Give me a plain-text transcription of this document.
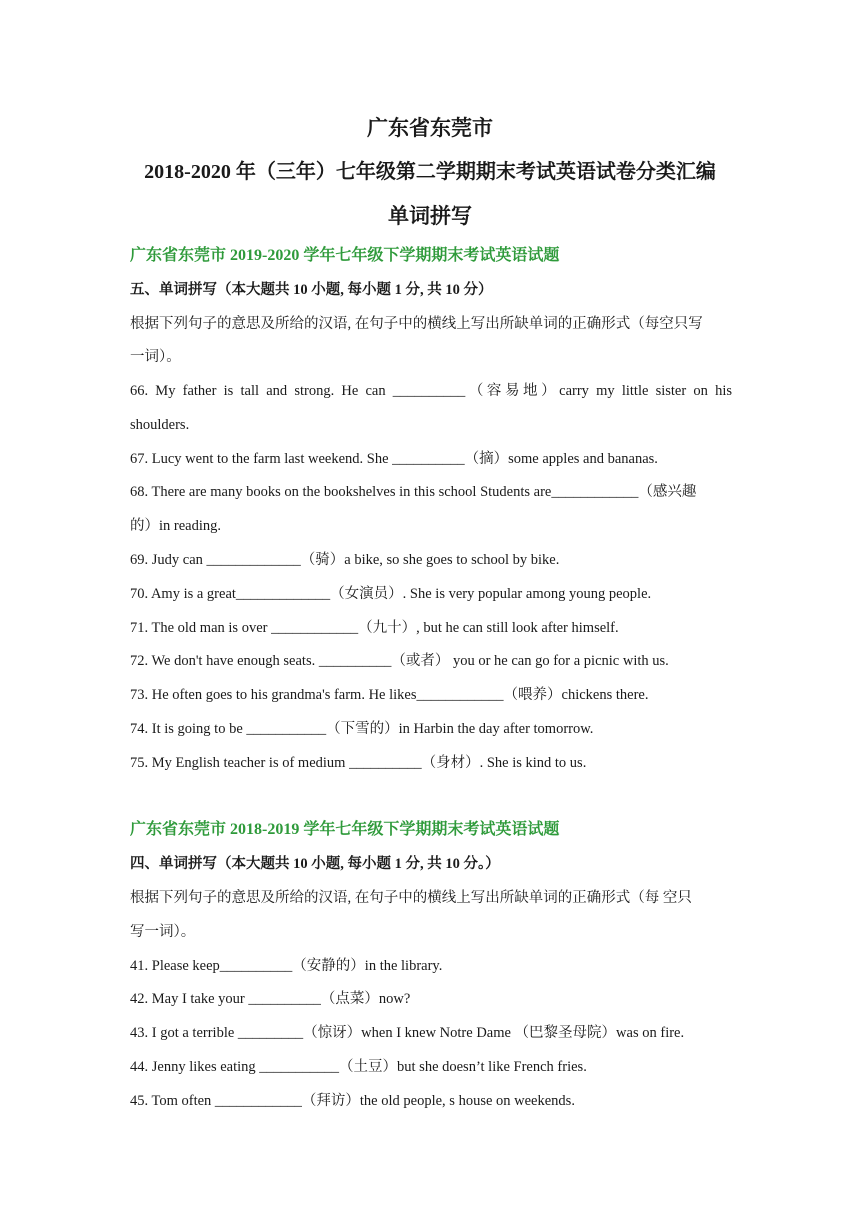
广东省东莞市
2018-2020 年（三年）七年级第二学期期末考试英语试卷分类汇编
单词拼写
广东省东莞市 2019-2020 学年七年级下学期期末考试英语试题
五、单词拼写（本大题共 10 小题, 每小题 1 分, 共 10 分）
根据下列句子的意思及所给的汉语, 在句子中的横线上写出所缺单词的正确形式（每空只写
一词）。
66. My father is tall and strong. He can __________（容易地）carry my little sister on his
shoulders.
67. Lucy went to the farm last weekend. She __________（摘）some apples and bananas.
68. There are many books on the bookshelves in this school Students are____________（感兴趣
的）in reading.
69. Judy can _____________（骑）a bike, so she goes to school by bike.
70. Amy is a great_____________（女演员）. She is very popular among young people.
71. The old man is over ____________（九十）, but he can still look after himself.
72. We don't have enough seats. __________（或者） you or he can go for a picnic with us.
73. He often goes to his grandma's farm. He likes____________（喂养）chickens there.
74. It is going to be ___________（下雪的）in Harbin the day after tomorrow.
75. My English teacher is of medium __________（身材）. She is kind to us.
广东省东莞市 2018-2019 学年七年级下学期期末考试英语试题
四、单词拼写（本大题共 10 小题, 每小题 1 分, 共 10 分。）
根据下列句子的意思及所给的汉语, 在句子中的横线上写出所缺单词的正确形式（每 空只
写一词）。
41. Please keep__________（安静的）in the library.
42. May I take your __________（点菜）now?
43. I got a terrible _________（惊讶）when I knew Notre Dame （巴黎圣母院）was on fire.
44. Jenny likes eating ___________（土豆）but she doesn’t like French fries.
45. Tom often ____________（拜访）the old people, s house on weekends.
